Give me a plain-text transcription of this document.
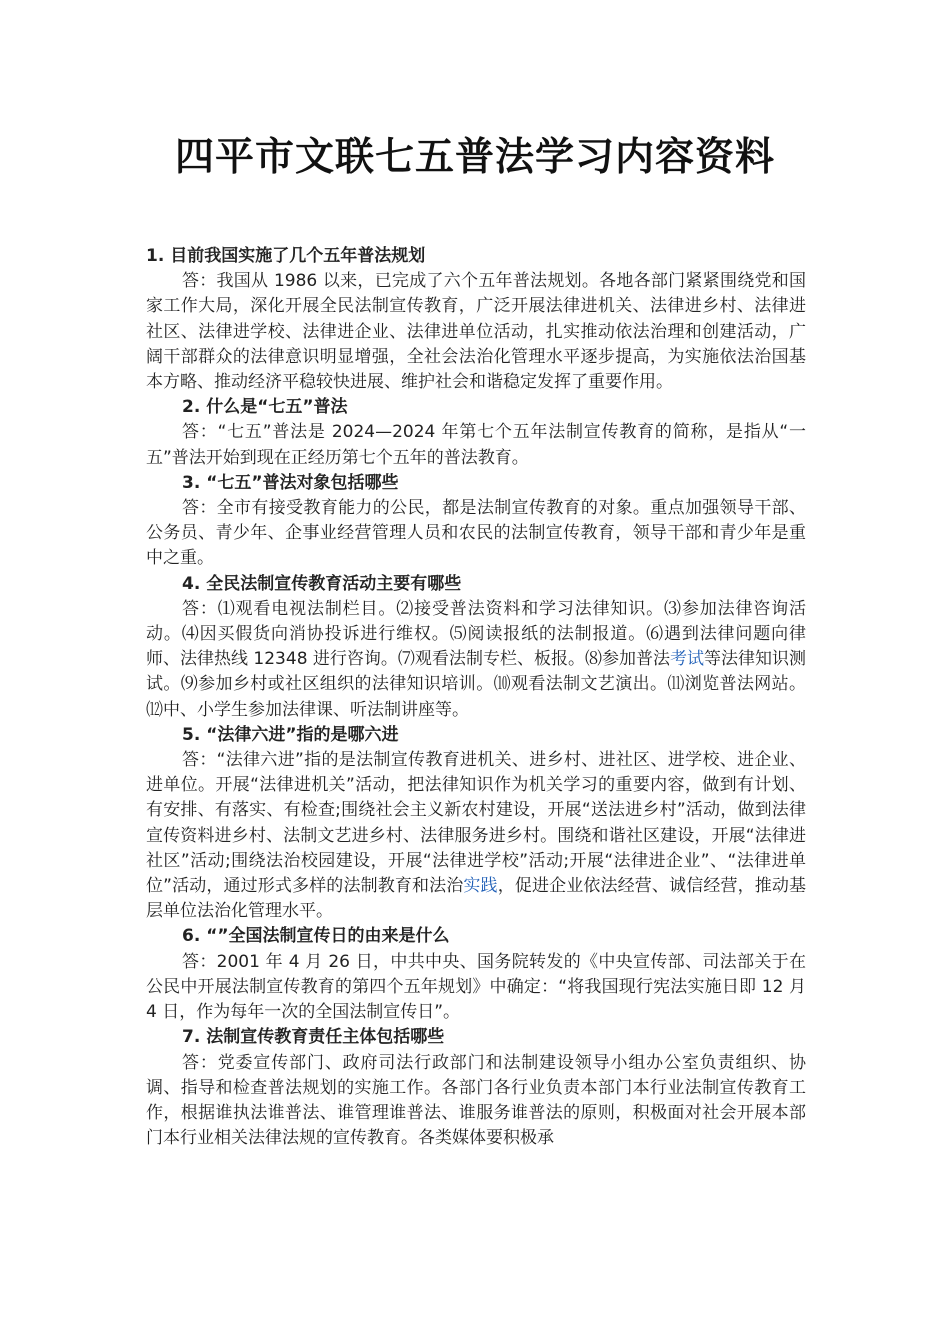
四平市文联七五普法学习内容资料

1. 目前我国实施了几个五年普法规划

答：我国从 1986 以来，已完成了六个五年普法规划。各地各部门紧紧围绕党和国家工作大局，深化开展全民法制宣传教育，广泛开展法律进机关、法律进乡村、法律进社区、法律进学校、法律进企业、法律进单位活动，扎实推动依法治理和创建活动，广阔干部群众的法律意识明显增强，全社会法治化管理水平逐步提高，为实施依法治国基本方略、推动经济平稳较快进展、维护社会和谐稳定发挥了重要作用。

2. 什么是“七五”普法

答：“七五”普法是 2024—2024 年第七个五年法制宣传教育的简称，是指从“一五”普法开始到现在正经历第七个五年的普法教育。

3. “七五”普法对象包括哪些

答：全市有接受教育能力的公民，都是法制宣传教育的对象。重点加强领导干部、公务员、青少年、企事业经营管理人员和农民的法制宣传教育，领导干部和青少年是重中之重。

4. 全民法制宣传教育活动主要有哪些

答：⑴观看电视法制栏目。⑵接受普法资料和学习法律知识。⑶参加法律咨询活动。⑷因买假货向消协投诉进行维权。⑸阅读报纸的法制报道。⑹遇到法律问题向律师、法律热线 12348 进行咨询。⑺观看法制专栏、板报。⑻参加普法考试等法律知识测试。⑼参加乡村或社区组织的法律知识培训。⑽观看法制文艺演出。⑾浏览普法网站。⑿中、小学生参加法律课、听法制讲座等。

5. “法律六进”指的是哪六进

答：“法律六进”指的是法制宣传教育进机关、进乡村、进社区、进学校、进企业、进单位。开展“法律进机关”活动，把法律知识作为机关学习的重要内容，做到有计划、有安排、有落实、有检查;围绕社会主义新农村建设，开展“送法进乡村”活动，做到法律宣传资料进乡村、法制文艺进乡村、法律服务进乡村。围绕和谐社区建设，开展“法律进社区”活动;围绕法治校园建设，开展“法律进学校”活动;开展“法律进企业”、“法律进单位”活动，通过形式多样的法制教育和法治实践，促进企业依法经营、诚信经营，推动基层单位法治化管理水平。

6. “”全国法制宣传日的由来是什么

答：2001 年 4 月 26 日，中共中央、国务院转发的《中央宣传部、司法部关于在公民中开展法制宣传教育的第四个五年规划》中确定：“将我国现行宪法实施日即 12 月 4 日，作为每年一次的全国法制宣传日”。

7. 法制宣传教育责任主体包括哪些

答：党委宣传部门、政府司法行政部门和法制建设领导小组办公室负责组织、协调、指导和检查普法规划的实施工作。各部门各行业负责本部门本行业法制宣传教育工作，根据谁执法谁普法、谁管理谁普法、谁服务谁普法的原则，积极面对社会开展本部门本行业相关法律法规的宣传教育。各类媒体要积极承
